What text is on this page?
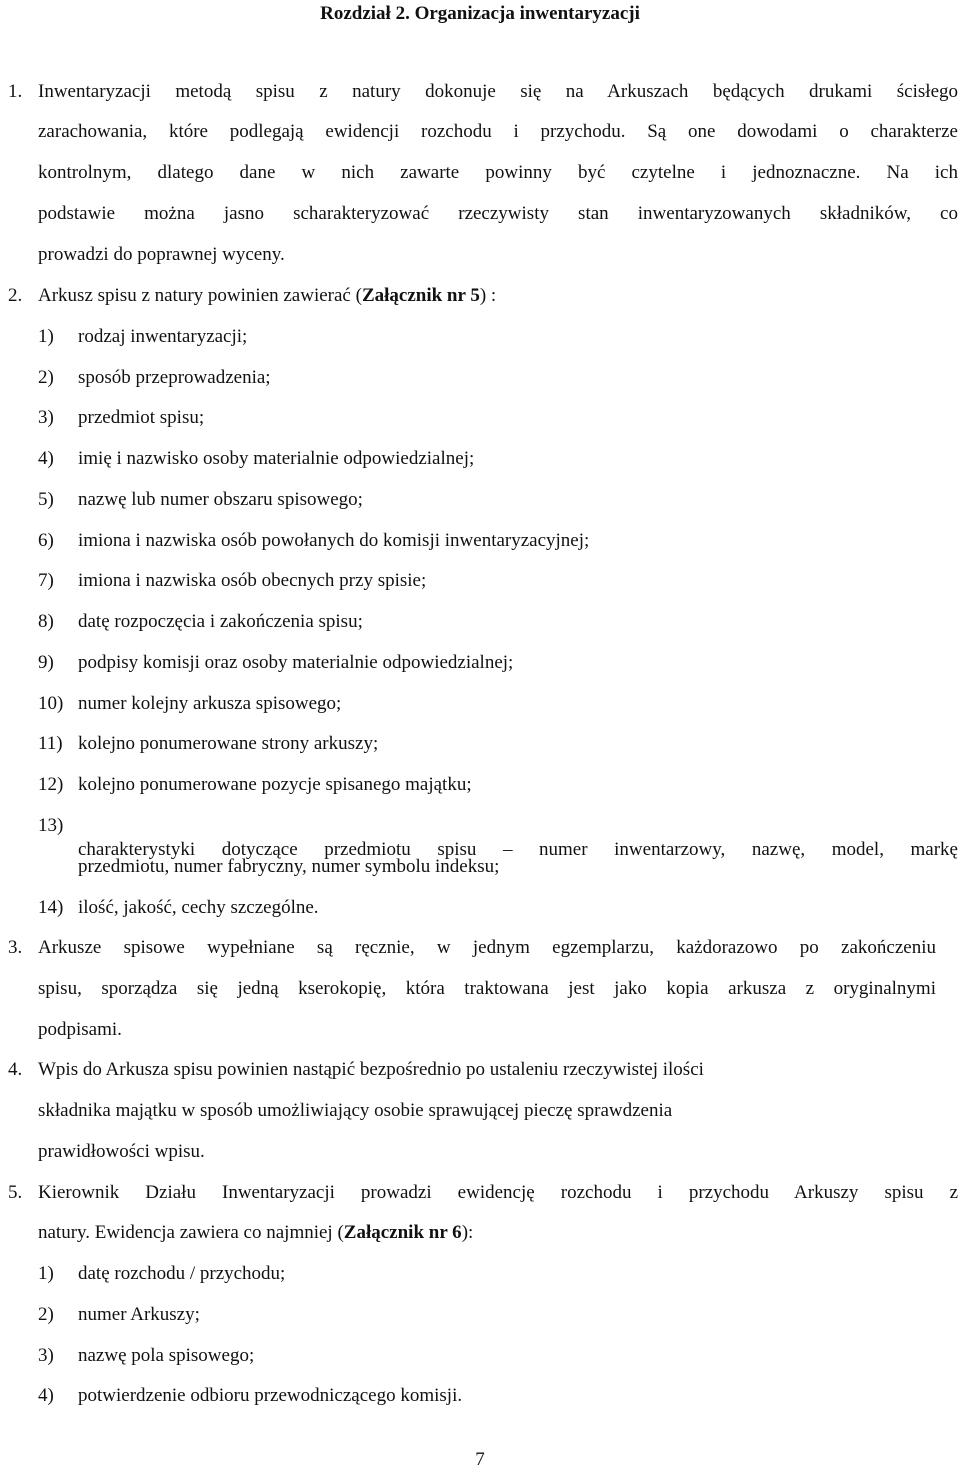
Rozdział 2. Organizacja inwentaryzacji
1. Inwentaryzacji metodą spisu z natury dokonuje się na Arkuszach będących drukami ścisłego
zarachowania, które podlegają ewidencji rozchodu i przychodu. Są one dowodami o charakterze
kontrolnym, dlatego dane w nich zawarte powinny być czytelne i jednoznaczne. Na ich
podstawie można jasno scharakteryzować rzeczywisty stan inwentaryzowanych składników, co
prowadzi do poprawnej wyceny.
2. Arkusz spisu z natury powinien zawierać (Załącznik nr 5) :
1) rodzaj inwentaryzacji;
2) sposób przeprowadzenia;
3) przedmiot spisu;
4) imię i nazwisko osoby materialnie odpowiedzialnej;
5) nazwę lub numer obszaru spisowego;
6) imiona i nazwiska osób powołanych do komisji inwentaryzacyjnej;
7) imiona i nazwiska osób obecnych przy spisie;
8) datę rozpoczęcia i zakończenia spisu;
9) podpisy komisji oraz osoby materialnie odpowiedzialnej;
10) numer kolejny arkusza spisowego;
11) kolejno ponumerowane strony arkuszy;
12) kolejno ponumerowane pozycje spisanego majątku;
13)
charakterystyki dotyczące przedmiotu spisu – numer inwentarzowy, nazwę, model, markę
przedmiotu, numer fabryczny, numer symbolu indeksu;
14) ilość, jakość, cechy szczególne.
3. Arkusze spisowe wypełniane są ręcznie, w jednym egzemplarzu, każdorazowo po zakończeniu
spisu, sporządza się jedną kserokopię, która traktowana jest jako kopia arkusza z oryginalnymi
podpisami.
4. Wpis do Arkusza spisu powinien nastąpić bezpośrednio po ustaleniu rzeczywistej ilości
składnika majątku w sposób umożliwiający osobie sprawującej pieczę sprawdzenia
prawidłowości wpisu.
5. Kierownik Działu Inwentaryzacji prowadzi ewidencję rozchodu i przychodu Arkuszy spisu z
natury. Ewidencja zawiera co najmniej (Załącznik nr 6):
1) datę rozchodu / przychodu;
2) numer Arkuszy;
3) nazwę pola spisowego;
4) potwierdzenie odbioru przewodniczącego komisji.
7
